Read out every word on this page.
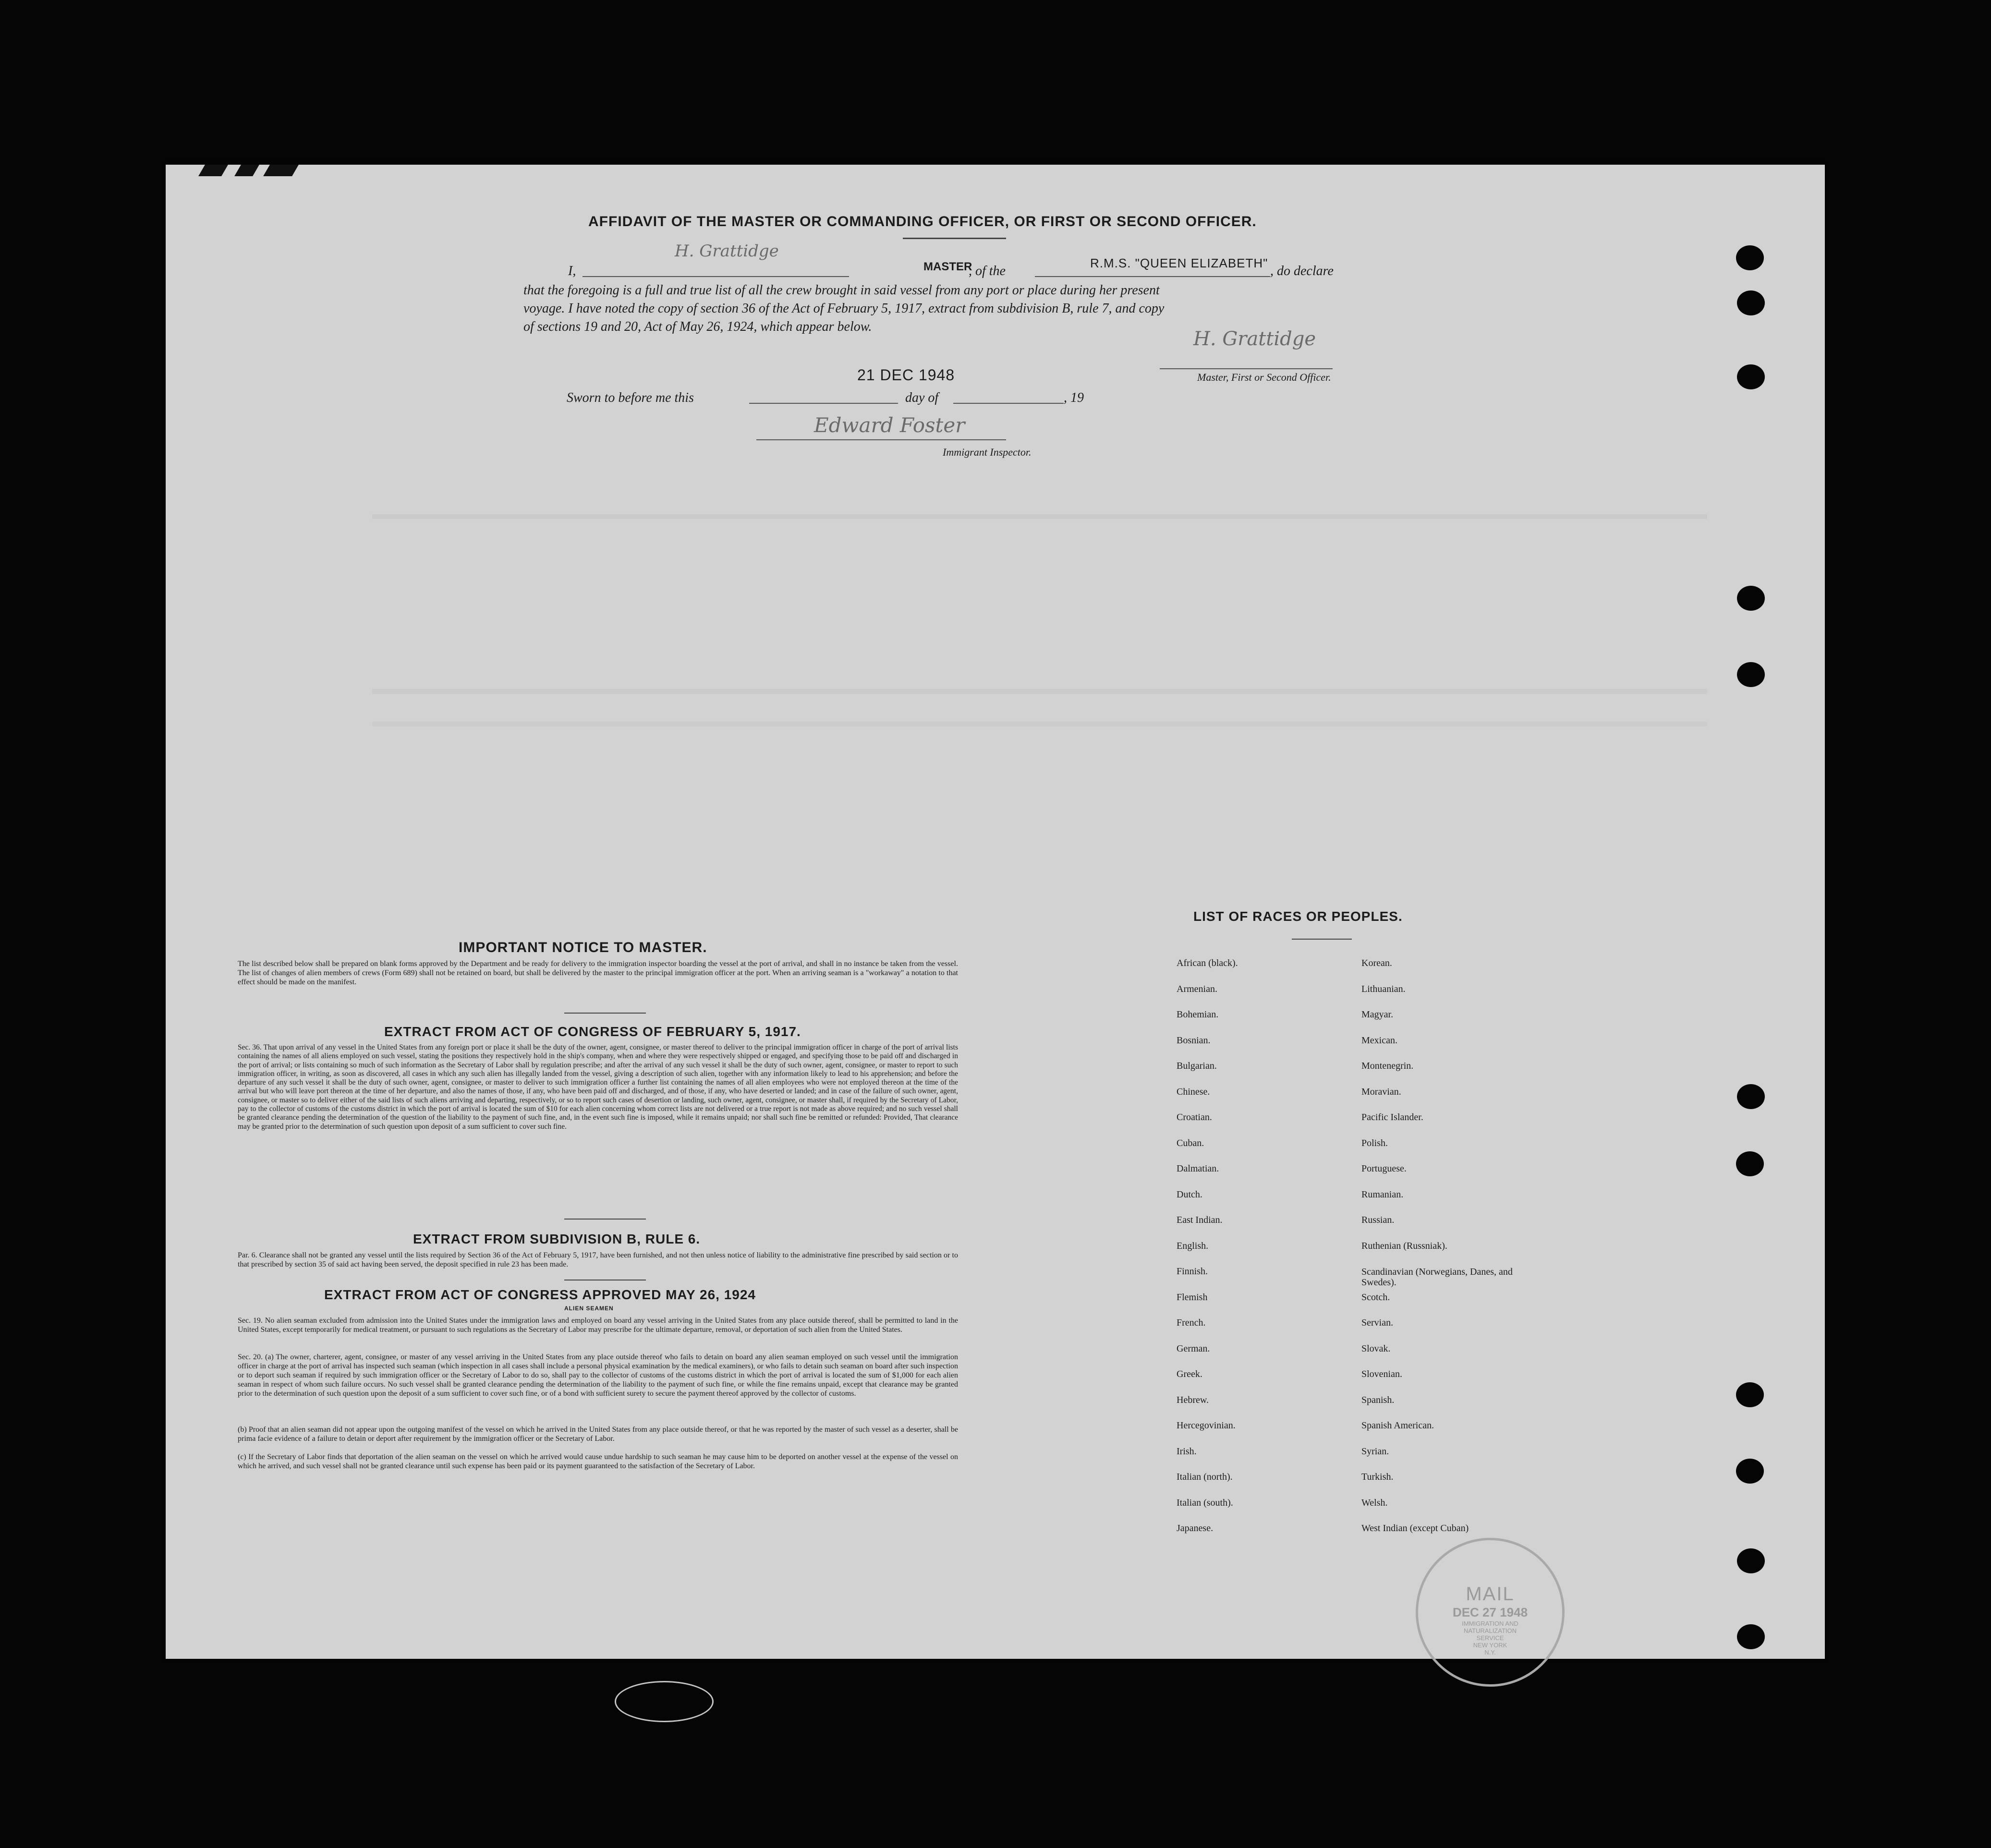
AFFIDAVIT OF THE MASTER OR COMMANDING OFFICER, OR FIRST OR SECOND OFFICER.
I,
H. Grattidge
MASTER
, of the
R.M.S. "QUEEN ELIZABETH"
, do declare
that the foregoing is a full and true list of all the crew brought in said vessel from any port or place during her present
voyage. I have noted the copy of section 36 of the Act of February 5, 1917, extract from subdivision B, rule 7, and copy
of sections 19 and 20, Act of May 26, 1924, which appear below.
H. Grattidge
Master, First or Second Officer.
21 DEC 1948
Sworn to before me this	day of	, 19
Edward Foster
Immigrant Inspector.
IMPORTANT NOTICE TO MASTER.
The list described below shall be prepared on blank forms approved by the Department and be ready for delivery to the immigration inspector boarding the vessel at the port of arrival, and shall in no instance be taken from the vessel. The list of changes of alien members of crews (Form 689) shall not be retained on board, but shall be delivered by the master to the principal immigration officer at the port. When an arriving seaman is a "workaway" a notation to that effect should be made on the manifest.
EXTRACT FROM ACT OF CONGRESS OF FEBRUARY 5, 1917.
Sec. 36. That upon arrival of any vessel in the United States from any foreign port or place it shall be the duty of the owner, agent, consignee, or master thereof to deliver to the principal immigration officer in charge of the port of arrival lists containing the names of all aliens employed on such vessel, stating the positions they respectively hold in the ship's company, when and where they were respectively shipped or engaged, and specifying those to be paid off and discharged in the port of arrival; or lists containing so much of such information as the Secretary of Labor shall by regulation prescribe; and after the arrival of any such vessel it shall be the duty of such owner, agent, consignee, or master to report to such immigration officer, in writing, as soon as discovered, all cases in which any such alien has illegally landed from the vessel, giving a description of such alien, together with any information likely to lead to his apprehension; and before the departure of any such vessel it shall be the duty of such owner, agent, consignee, or master to deliver to such immigration officer a further list containing the names of all alien employees who were not employed thereon at the time of the arrival but who will leave port thereon at the time of her departure, and also the names of those, if any, who have been paid off and discharged, and of those, if any, who have deserted or landed; and in case of the failure of such owner, agent, consignee, or master so to deliver either of the said lists of such aliens arriving and departing, respectively, or so to report such cases of desertion or landing, such owner, agent, consignee, or master shall, if required by the Secretary of Labor, pay to the collector of customs of the customs district in which the port of arrival is located the sum of $10 for each alien concerning whom correct lists are not delivered or a true report is not made as above required; and no such vessel shall be granted clearance pending the determination of the question of the liability to the payment of such fine, and, in the event such fine is imposed, while it remains unpaid; nor shall such fine be remitted or refunded: Provided, That clearance may be granted prior to the determination of such question upon deposit of a sum sufficient to cover such fine.
EXTRACT FROM SUBDIVISION B, RULE 6.
Par. 6. Clearance shall not be granted any vessel until the lists required by Section 36 of the Act of February 5, 1917, have been furnished, and not then unless notice of liability to the administrative fine prescribed by said section or to that prescribed by section 35 of said act having been served, the deposit specified in rule 23 has been made.
EXTRACT FROM ACT OF CONGRESS APPROVED MAY 26, 1924
ALIEN SEAMEN
Sec. 19. No alien seaman excluded from admission into the United States under the immigration laws and employed on board any vessel arriving in the United States from any place outside thereof, shall be permitted to land in the United States, except temporarily for medical treatment, or pursuant to such regulations as the Secretary of Labor may prescribe for the ultimate departure, removal, or deportation of such alien from the United States.
Sec. 20. (a) The owner, charterer, agent, consignee, or master of any vessel arriving in the United States from any place outside thereof who fails to detain on board any alien seaman employed on such vessel until the immigration officer in charge at the port of arrival has inspected such seaman (which inspection in all cases shall include a personal physical examination by the medical examiners), or who fails to detain such seaman on board after such inspection or to deport such seaman if required by such immigration officer or the Secretary of Labor to do so, shall pay to the collector of customs of the customs district in which the port of arrival is located the sum of $1,000 for each alien seaman in respect of whom such failure occurs. No such vessel shall be granted clearance pending the determination of the liability to the payment of such fine, or while the fine remains unpaid, except that clearance may be granted prior to the determination of such question upon the deposit of a sum sufficient to cover such fine, or of a bond with sufficient surety to secure the payment thereof approved by the collector of customs.
(b) Proof that an alien seaman did not appear upon the outgoing manifest of the vessel on which he arrived in the United States from any place outside thereof, or that he was reported by the master of such vessel as a deserter, shall be prima facie evidence of a failure to detain or deport after requirement by the immigration officer or the Secretary of Labor.
(c) If the Secretary of Labor finds that deportation of the alien seaman on the vessel on which he arrived would cause undue hardship to such seaman he may cause him to be deported on another vessel at the expense of the vessel on which he arrived, and such vessel shall not be granted clearance until such expense has been paid or its payment guaranteed to the satisfaction of the Secretary of Labor.
LIST OF RACES OR PEOPLES.
African (black).
Armenian.
Bohemian.
Bosnian.
Bulgarian.
Chinese.
Croatian.
Cuban.
Dalmatian.
Dutch.
East Indian.
English.
Finnish.
Flemish
French.
German.
Greek.
Hebrew.
Hercegovinian.
Irish.
Italian (north).
Italian (south).
Japanese.
Korean.
Lithuanian.
Magyar.
Mexican.
Montenegrin.
Moravian.
Pacific Islander.
Polish.
Portuguese.
Rumanian.
Russian.
Ruthenian (Russniak).
Scandinavian (Norwegians, Danes, and Swedes).
Scotch.
Servian.
Slovak.
Slovenian.
Spanish.
Spanish American.
Syrian.
Turkish.
Welsh.
West Indian (except Cuban)
MAIL
DEC 27 1948
IMMIGRATION AND
NATURALIZATION
SERVICE
NEW YORK
N.Y.
